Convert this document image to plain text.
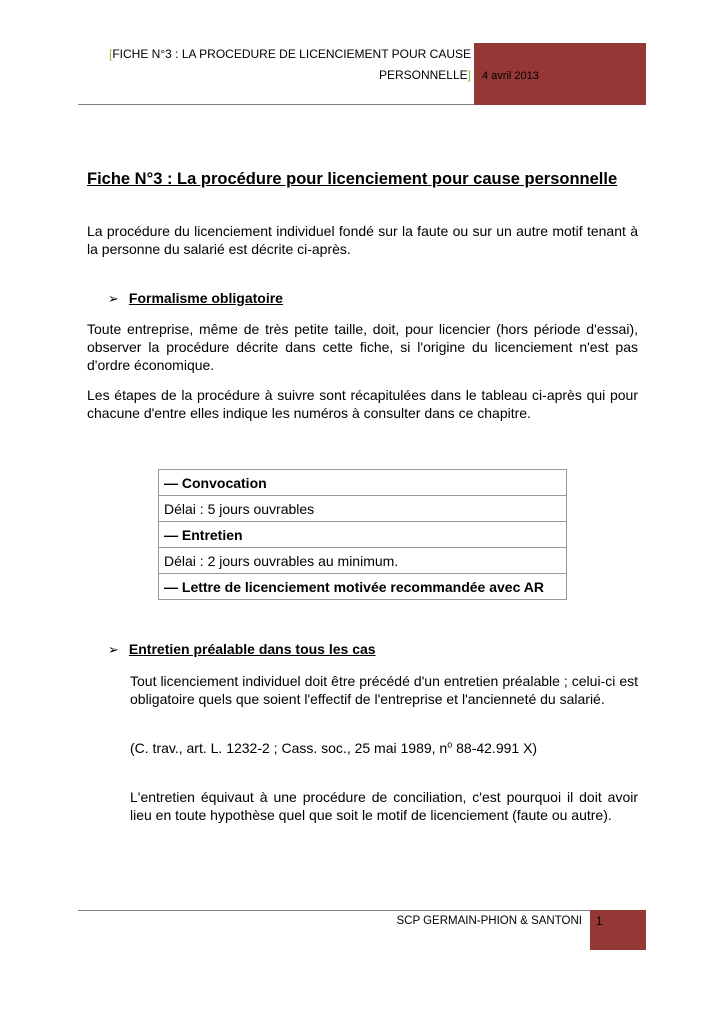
[FICHE N°3 : LA PROCEDURE DE LICENCIEMENT POUR CAUSE
PERSONNELLE] 4 avril 2013
Fiche N°3 : La procédure pour licenciement pour cause personnelle

La procédure du licenciement individuel fondé sur la faute ou sur un autre motif tenant à la personne du salarié est décrite ci-après.

➢ Formalisme obligatoire

Toute entreprise, même de très petite taille, doit, pour licencier (hors période d'essai), observer la procédure décrite dans cette fiche, si l'origine du licenciement n'est pas d'ordre économique.

Les étapes de la procédure à suivre sont récapitulées dans le tableau ci-après qui pour chacune d'entre elles indique les numéros à consulter dans ce chapitre.

— Convocation
Délai : 5 jours ouvrables
— Entretien
Délai : 2 jours ouvrables au minimum.
— Lettre de licenciement motivée recommandée avec AR
➢ Entretien préalable dans tous les cas

Tout licenciement individuel doit être précédé d'un entretien préalable ; celui-ci est obligatoire quels que soient l'effectif de l'entreprise et l'ancienneté du salarié.

(C. trav., art. L. 1232-2 ; Cass. soc., 25 mai 1989, $n^o$ 88-42.991 X)

L'entretien équivaut à une procédure de conciliation, c'est pourquoi il doit avoir lieu en toute hypothèse quel que soit le motif de licenciement (faute ou autre).

SCP GERMAIN-PHION & SANTONI 1
